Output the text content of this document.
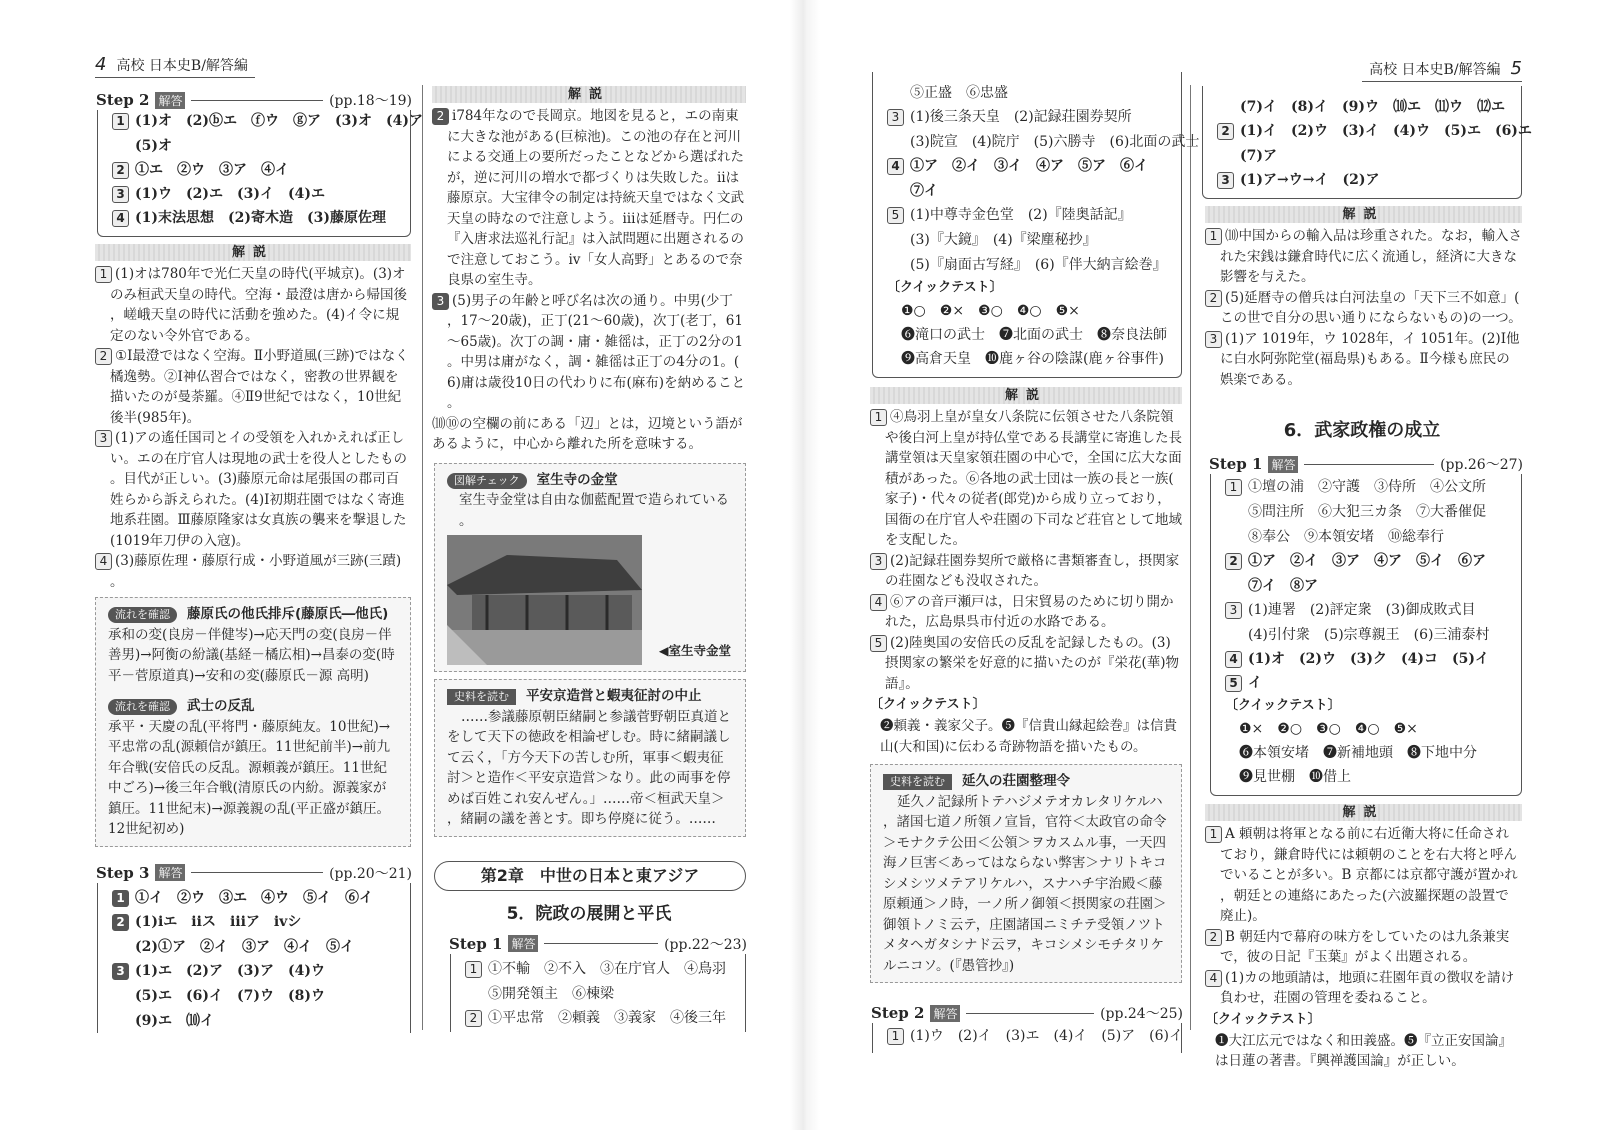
4 高校 日本史B/解答編
Step 2 解答	(pp.18〜19)
1 (1)オ　(2)ⓑエ　ⓕウ　ⓖア　(3)オ　(4)ア
(5)オ
2 ①エ　②ウ　③ア　④イ
3 (1)ウ　(2)エ　(3)イ　(4)エ
4 (1)末法思想　(2)寄木造　(3)藤原佐理
解説

1 (1)オは780年で光仁天皇の時代(平城京)。(3)オのみ桓武天皇の時代。空海・最澄は唐から帰国後，嵯峨天皇の時代に活動を強めた。(4)イ令に規定のない令外官である。

2 ①Ⅰ最澄ではなく空海。Ⅱ小野道風(三跡)ではなく橘逸勢。②Ⅰ神仏習合ではなく，密教の世界観を描いたのが曼荼羅。④Ⅱ9世紀ではなく，10世紀後半(985年)。

3 (1)アの遙任国司とイの受領を入れかえれば正しい。エの在庁官人は現地の武士を役人としたもの。目代が正しい。(3)藤原元命は尾張国の郡司百姓らから訴えられた。(4)Ⅰ初期荘園ではなく寄進地系荘園。Ⅲ藤原隆家は女真族の襲来を撃退した(1019年刀伊の入寇)。

4 (3)藤原佐理・藤原行成・小野道風が三跡(三蹟)。

流れを確認 藤原氏の他氏排斥(藤原氏―他氏)
承和の変(良房－伴健岑)→応天門の変(良房－伴善男)→阿衡の紛議(基経－橘広相)→昌泰の変(時平－菅原道真)→安和の変(藤原氏－源 高明)
流れを確認 武士の反乱
承平・天慶の乱(平将門・藤原純友。10世紀)→平忠常の乱(源頼信が鎮圧。11世紀前半)→前九年合戦(安倍氏の反乱。源頼義が鎮圧。11世紀中ごろ)→後三年合戦(清原氏の内紛。源義家が鎮圧。11世紀末)→源義親の乱(平正盛が鎮圧。12世紀初め)
Step 3 解答	(pp.20〜21)
1 ①イ　②ウ　③エ　④ウ　⑤イ　⑥イ
2 (1)ⅰエ　ⅱス　ⅲア　ⅳシ
(2)①ア　②イ　③ア　④イ　⑤イ
3 (1)エ　(2)ア　(3)ア　(4)ウ
(5)エ　(6)イ　(7)ウ　(8)ウ
(9)エ　⑽イ
解説

2 ⅰ784年なので長岡京。地図を見ると，エの南東に大きな池がある(巨椋池)。この池の存在と河川による交通上の要所だったことなどから選ばれたが，逆に河川の増水で都づくりは失敗した。ⅱは藤原京。大宝律令の制定は持統天皇ではなく文武天皇の時なので注意しよう。ⅲは延暦寺。円仁の『入唐求法巡礼行記』は入試問題に出題されるので注意しておこう。ⅳ「女人高野」とあるので奈良県の室生寺。

3 (5)男子の年齢と呼び名は次の通り。中男(少丁，17～20歳)，正丁(21～60歳)，次丁(老丁，61～65歳)。次丁の調・庸・雑徭は，正丁の2分の1。中男は庸がなく，調・雑徭は正丁の4分の1。(6)庸は歳役10日の代わりに布(麻布)を納めること。

⑽⑩の空欄の前にある「辺」とは，辺境という語があるように，中心から離れた所を意味する。

図解チェック 室生寺の金堂
室生寺金堂は自由な伽藍配置で造られている。
◀室生寺金堂
史料を読む 平安京造営と蝦夷征討の中止
……参議藤原朝臣緒嗣と参議菅野朝臣真道とをして天下の徳政を相論ぜしむ。時に緒嗣議して云く，「方今天下の苦しむ所，軍事＜蝦夷征討＞と造作＜平安京造営＞なり。此の両事を停めば百姓これ安んぜん。」……帝＜桓武天皇＞，緒嗣の議を善とす。即ち停廃に従う。……
第2章　中世の日本と東アジア
5．院政の展開と平氏
Step 1 解答	(pp.22〜23)
1 ①不輸　②不入　③在庁官人　④鳥羽
⑤開発領主　⑥棟梁
2 ①平忠常　②頼義　③義家　④後三年
⑤正盛　⑥忠盛
3 (1)後三条天皇　(2)記録荘園券契所
(3)院宣　(4)院庁　(5)六勝寺　(6)北面の武士
4 ①ア　②イ　③イ　④ア　⑤ア　⑥イ
⑦イ
5 (1)中尊寺金色堂　(2)『陸奥話記』
(3)『大鏡』　(4)『梁塵秘抄』
(5)『扇面古写経』　(6)『伴大納言絵巻』
〔クイックテスト〕
❶○　❷×　❸○　❹○　❺×
❻滝口の武士　❼北面の武士　❽奈良法師
❾高倉天皇　❿鹿ヶ谷の陰謀(鹿ヶ谷事件)
解説

1 ④鳥羽上皇が皇女八条院に伝領させた八条院領や後白河上皇が持仏堂である長講堂に寄進した長講堂領は天皇家領荘園の中心で，全国に広大な面積があった。⑥各地の武士団は一族の長と一族(家子)・代々の従者(郎党)から成り立っており，国衙の在庁官人や荘園の下司など荘官として地域を支配した。

3 (2)記録荘園券契所で厳格に書類審査し，摂関家の荘園なども没収された。

4 ⑥アの音戸瀬戸は，日宋貿易のために切り開かれた，広島県呉市付近の水路である。

5 (2)陸奥国の安倍氏の反乱を記録したもの。(3)摂関家の繁栄を好意的に描いたのが『栄花(華)物語』。

〔クイックテスト〕

❷頼義・義家父子。❺『信貴山縁起絵巻』は信貴山(大和国)に伝わる奇跡物語を描いたもの。

史料を読む 延久の荘園整理令
延久ノ記録所トテハジメテオカレタリケルハ，諸国七道ノ所領ノ宣旨，官符＜太政官の命令＞モナクテ公田＜公領＞ヲカスムル事，一天四海ノ巨害＜あってはならない弊害＞ナリトキコシメシツメテアリケルハ，スナハチ宇治殿＜藤原頼通＞ノ時，一ノ所ノ御領＜摂関家の荘園＞御領トノミ云テ，庄園諸国ニミチテ受領ノツトメタヘガタシナド云ヲ，キコシメシモチタリケルニコソ。(『愚管抄』)
Step 2 解答	(pp.24〜25)
1 (1)ウ　(2)イ　(3)エ　(4)イ　(5)ア　(6)イ
高校 日本史B/解答編 5
(7)イ　(8)イ　(9)ウ　⑽エ　⑾ウ　⑿エ
2 (1)イ　(2)ウ　(3)イ　(4)ウ　(5)エ　(6)エ
(7)ア
3 (1)ア→ウ→イ　(2)ア
解説

1 ⑽中国からの輸入品は珍重された。なお，輸入された宋銭は鎌倉時代に広く流通し，経済に大きな影響を与えた。

2 (5)延暦寺の僧兵は白河法皇の「天下三不如意」(この世で自分の思い通りにならないもの)の一つ。

3 (1)ア 1019年，ウ 1028年，イ 1051年。(2)Ⅰ他に白水阿弥陀堂(福島県)もある。Ⅱ今様も庶民の娯楽である。

6．武家政権の成立
Step 1 解答	(pp.26〜27)
1 ①壇の浦　②守護　③侍所　④公文所
⑤問注所　⑥大犯三カ条　⑦大番催促
⑧奉公　⑨本領安堵　⑩総奉行
2 ①ア　②イ　③ア　④ア　⑤イ　⑥ア
⑦イ　⑧ア
3 (1)連署　(2)評定衆　(3)御成敗式目
(4)引付衆　(5)宗尊親王　(6)三浦泰村
4 (1)オ　(2)ウ　(3)ク　(4)コ　(5)イ
5 イ
〔クイックテスト〕
❶×　❷○　❸○　❹○　❺×
❻本領安堵　❼新補地頭　❽下地中分
❾見世棚　❿借上
解説

1 A 頼朝は将軍となる前に右近衛大将に任命されており，鎌倉時代には頼朝のことを右大将と呼んでいることが多い。B 京都には京都守護が置かれ，朝廷との連絡にあたった(六波羅探題の設置で廃止)。

2 B 朝廷内で幕府の味方をしていたのは九条兼実で，彼の日記『玉葉』がよく出題される。

4 (1)カの地頭請は，地頭に荘園年貢の徴収を請け負わせ，荘園の管理を委ねること。

〔クイックテスト〕

❶大江広元ではなく和田義盛。❺『立正安国論』は日蓮の著書。『興禅護国論』が正しい。
